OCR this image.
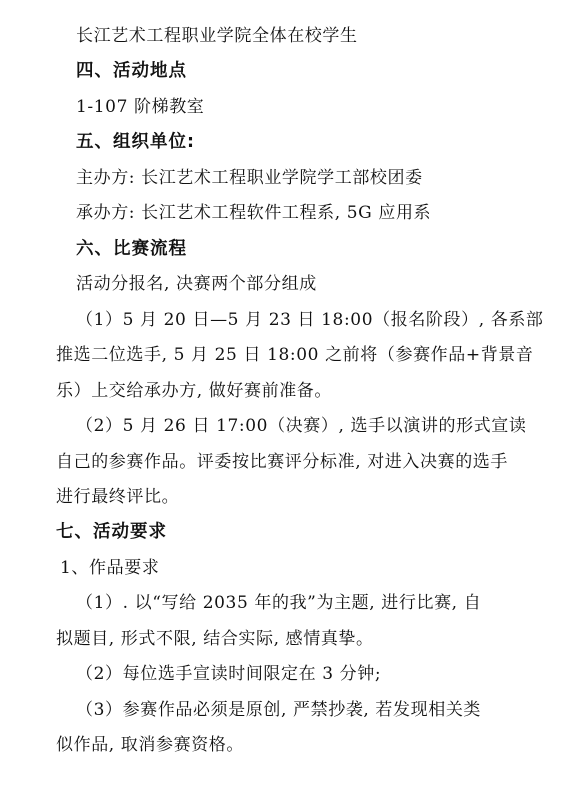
长江艺术工程职业学院全体在校学生
四、活动地点
1-107 阶梯教室
五、组织单位:
主办方: 长江艺术工程职业学院学工部校团委
承办方: 长江艺术工程软件工程系, 5G 应用系
六、比赛流程
活动分报名, 决赛两个部分组成
（1）5 月 20 日—5 月 23 日 18:00（报名阶段）, 各系部
推选二位选手, 5 月 25 日 18:00 之前将（参赛作品+背景音
乐）上交给承办方, 做好赛前准备。
（2）5 月 26 日 17:00（决赛）, 选手以演讲的形式宣读
自己的参赛作品。评委按比赛评分标准, 对进入决赛的选手
进行最终评比。
七、活动要求
1、作品要求
（1）. 以“写给 2035 年的我”为主题, 进行比赛, 自
拟题目, 形式不限, 结合实际, 感情真挚。
（2）每位选手宣读时间限定在 3 分钟;
（3）参赛作品必须是原创, 严禁抄袭, 若发现相关类
似作品, 取消参赛资格。
